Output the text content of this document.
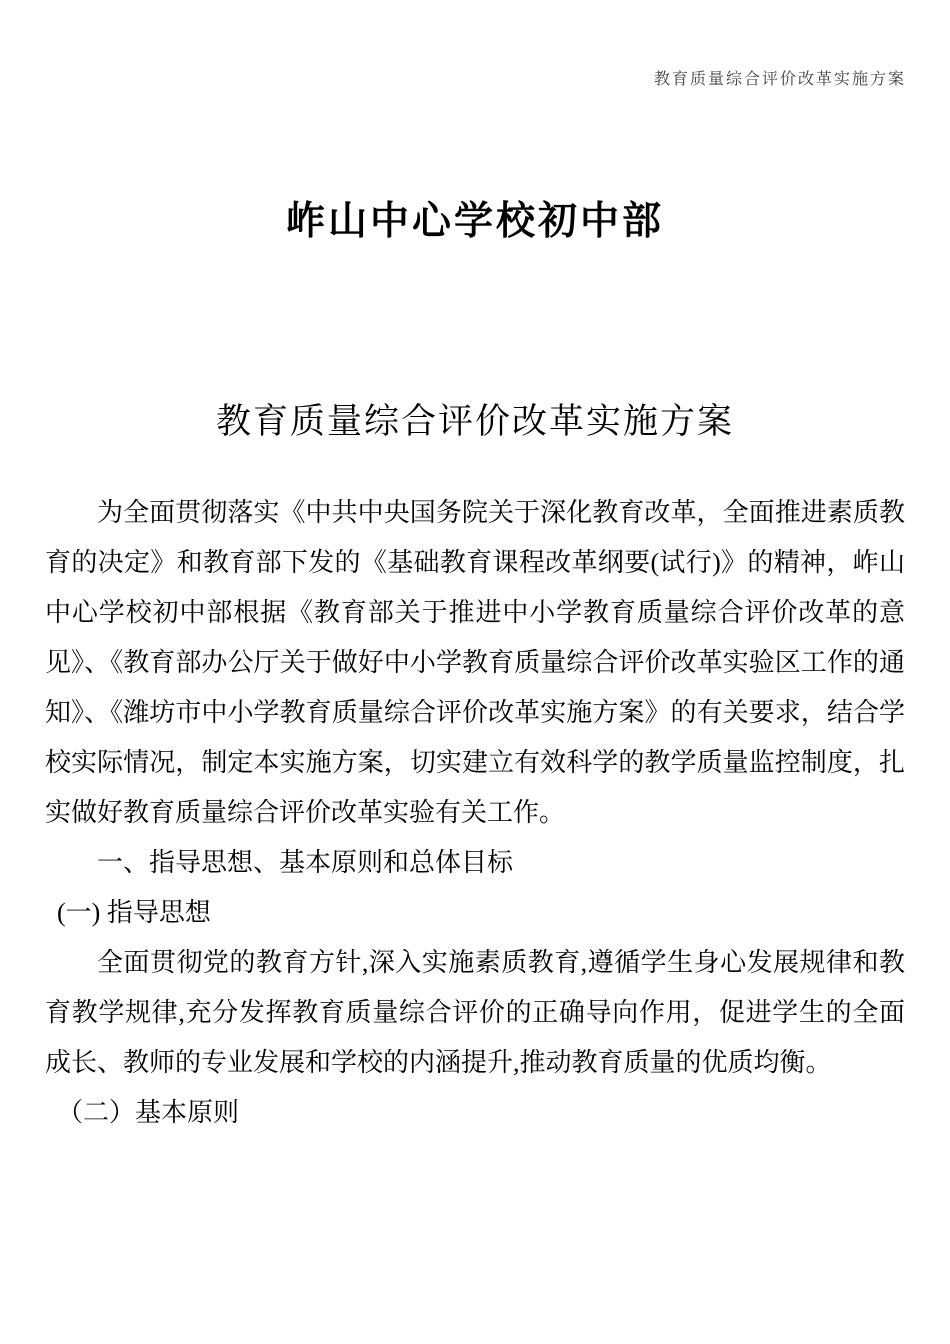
教育质量综合评价改革实施方案
岞山中心学校初中部
教育质量综合评价改革实施方案

为全面贯彻落实《中共中央国务院关于深化教育改革，全面推进素质教育的决定》和教育部下发的《基础教育课程改革纲要(试行)》的精神，岞山中心学校初中部根据《教育部关于推进中小学教育质量综合评价改革的意见》、《教育部办公厅关于做好中小学教育质量综合评价改革实验区工作的通知》、《潍坊市中小学教育质量综合评价改革实施方案》的有关要求，结合学校实际情况，制定本实施方案，切实建立有效科学的教学质量监控制度，扎实做好教育质量综合评价改革实验有关工作。

一、指导思想、基本原则和总体目标

(一) 指导思想

全面贯彻党的教育方针,深入实施素质教育,遵循学生身心发展规律和教育教学规律,充分发挥教育质量综合评价的正确导向作用，促进学生的全面成长、教师的专业发展和学校的内涵提升,推动教育质量的优质均衡。

（二）基本原则
